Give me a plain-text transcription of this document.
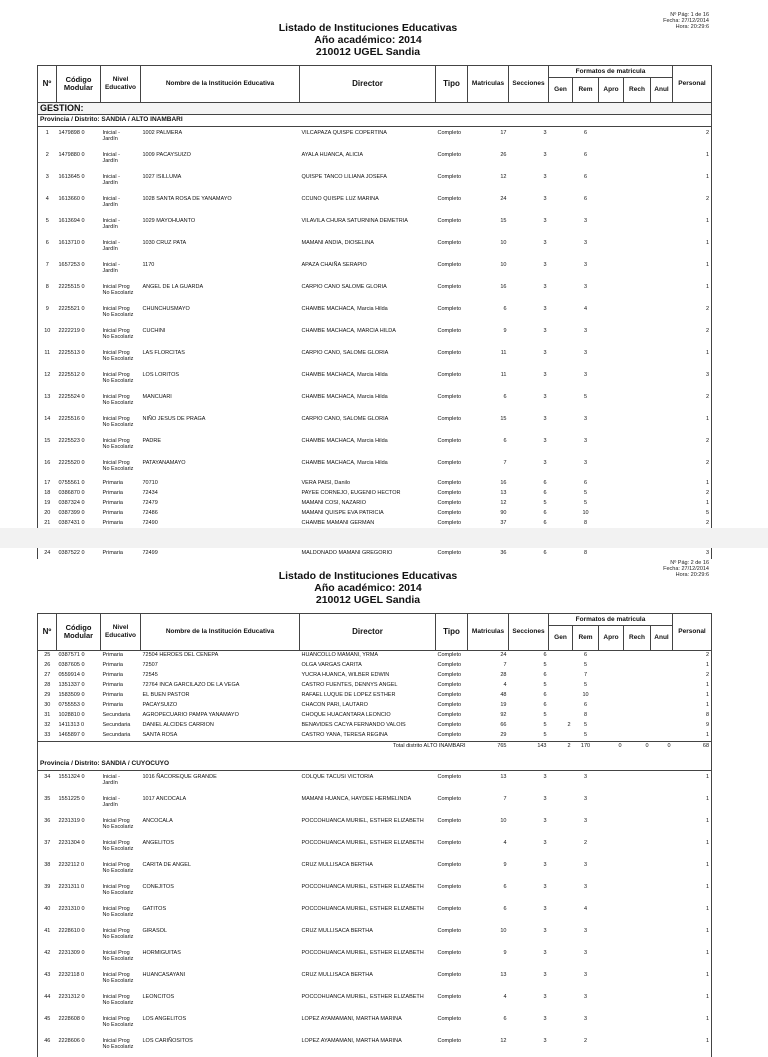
Nº Pág: 1 de 16
Fecha: 27/12/2014
Hora: 20:29:6
Listado de Instituciones Educativas
Año académico: 2014
210012 UGEL Sandia
Nº	Código Modular	Nivel Educativo	Nombre de la Institución Educativa	Director	Tipo	Matriculas	Secciones	Formatos de matricula					Personal
								Gen	Rem	Apro	Rech	Anul	
GESTION:													
Provincia / Distrito: SANDIA / ALTO INAMBARI													
1	1479898 0	Inicial -
Jardín	1002 PALMERA	VILCAPAZA QUISPE COPERTINA	Completo	17	3		6				2
2	1479880 0	Inicial -
Jardín	1009 PACAYSUIZO	AYALA HUANCA, ALICIA	Completo	26	3		6				1
3	1613645 0	Inicial -
Jardín	1027 ISILLUMA	QUISPE TANCO LILIANA JOSEFA	Completo	12	3		6				1
4	1613660 0	Inicial -
Jardín	1028 SANTA ROSA DE YANAMAYO	CCUNO QUISPE LUZ MARINA	Completo	24	3		6				2
5	1613694 0	Inicial -
Jardín	1029 MAYOHUANTO	VILAVILA CHURA SATURNINA DEMETRIA	Completo	15	3		3				1
6	1613710 0	Inicial -
Jardín	1030 CRUZ PATA	MAMANI ANDIA, DIOSELINA	Completo	10	3		3				1
7	1657253 0	Inicial -
Jardín	1170	APAZA CHAIÑA SERAPIO	Completo	10	3		3				1
8	2225515 0	Inicial Prog
No Escolariz	ANGEL DE LA GUARDA	CARPIO CANO SALOME GLORIA	Completo	16	3		3				1
9	2225521 0	Inicial Prog
No Escolariz	CHUNCHUSMAYO	CHAMBE MACHACA, Marcia Hilda	Completo	6	3		4				2
10	2222219 0	Inicial Prog
No Escolariz	CUCHINI	CHAMBE MACHACA, MARCIA HILDA	Completo	9	3		3				2
11	2225513 0	Inicial Prog
No Escolariz	LAS FLORCITAS	CARPIO CANO, SALOME GLORIA	Completo	11	3		3				1
12	2225512 0	Inicial Prog
No Escolariz	LOS LORITOS	CHAMBE MACHACA, Marcia Hilda	Completo	11	3		3				3
13	2225524 0	Inicial Prog
No Escolariz	MANCUARI	CHAMBE MACHACA, Marcia Hilda	Completo	6	3		5				2
14	2225516 0	Inicial Prog
No Escolariz	NIÑO JESUS DE PRAGA	CARPIO CANO, SALOME GLORIA	Completo	15	3		3				1
15	2225523 0	Inicial Prog
No Escolariz	PADRE	CHAMBE MACHACA, Marcia Hilda	Completo	6	3		3				2
16	2225520 0	Inicial Prog
No Escolariz	PATAYANAMAYO	CHAMBE MACHACA, Marcia Hilda	Completo	7	3		3				2
17	0755561 0	Primaria	70710	VERA PAISI, Danilo	Completo	16	6		6				1
18	0386870 0	Primaria	72434	PAYEE CORNEJO, EUGENIO HECTOR	Completo	13	6		5				2
19	0387324 0	Primaria	72479	MAMANI COSI, NAZARIO	Completo	12	5		5				1
20	0387399 0	Primaria	72486	MAMANI QUISPE EVA PATRICIA	Completo	90	6		10				5
21	0387431 0	Primaria	72490	CHAMBE MAMANI GERMAN	Completo	37	6		8				2

24	0387522 0	Primaria	72499	MALDONADO MAMANI GREGORIO	Completo	36	6		8				3
Nº Pág: 2 de 16
Fecha: 27/12/2014
Hora: 20:29:6
Listado de Instituciones Educativas
Año académico: 2014
210012 UGEL Sandia
Nº	Código Modular	Nivel Educativo	Nombre de la Institución Educativa	Director	Tipo	Matriculas	Secciones	Formatos de matricula					Personal
								Gen	Rem	Apro	Rech	Anul	
25	0387571 0	Primaria	72504 HEROES DEL CENEPA	HUANCOLLO MAMANI, YRMA	Completo	24	6		6				2
26	0387605 0	Primaria	72507	OLGA VARGAS CARITA	Completo	7	5		5				1
27	0559914 0	Primaria	72545	YUCRA HUANCA, WILBER EDWIN	Completo	28	6		7				2
28	1351337 0	Primaria	72764 INCA GARCILAZO DE LA VEGA	CASTRO FUENTES, DENNYS ANGEL	Completo	4	5		5				1
29	1583509 0	Primaria	EL BUEN PASTOR	RAFAEL LUQUE DE LOPEZ ESTHER	Completo	48	6		10				1
30	0755553 0	Primaria	PACAYSUIZO	CHACON PARI, LAUTARO	Completo	19	6		6				1
31	1028810 0	Secundaria	AGROPECUARIO PAMPA YANAMAYO	CHOQUE HUACANTARA LEONCIO	Completo	92	5		8				8
32	1411313 0	Secundaria	DANIEL ALCIDES CARRION	BENAVIDES CACYA FERNANDO VALOIS	Completo	66	5	2	5				9
33	1465897 0	Secundaria	SANTA ROSA	CASTRO YANA, TERESA REGINA	Completo	29	5		5				1
				Total distrito ALTO INAMBARI		765	143	2	170	0	0	0	68

Provincia / Distrito: SANDIA / CUYOCUYO													
34	1551324 0	Inicial -
Jardín	1016 ÑACOREQUE GRANDE	COLQUE TACUSI VICTORIA	Completo	13	3		3				1
35	1551225 0	Inicial -
Jardín	1017 ANCOCALA	MAMANI HUANCA, HAYDEE HERMELINDA	Completo	7	3		3				1
36	2231319 0	Inicial Prog
No Escolariz	ANCOCALA	POCCOHUANCA MURIEL, ESTHER ELIZABETH	Completo	10	3		3				1
37	2231304 0	Inicial Prog
No Escolariz	ANGELITOS	POCCOHUANCA MURIEL, ESTHER ELIZABETH	Completo	4	3		2				1
38	2232112 0	Inicial Prog
No Escolariz	CARITA DE ANGEL	CRUZ MULLISACA BERTHA	Completo	9	3		3				1
39	2231311 0	Inicial Prog
No Escolariz	CONEJITOS	POCCOHUANCA MURIEL, ESTHER ELIZABETH	Completo	6	3		3				1
40	2231310 0	Inicial Prog
No Escolariz	GATITOS	POCCOHUANCA MURIEL, ESTHER ELIZABETH	Completo	6	3		4				1
41	2228610 0	Inicial Prog
No Escolariz	GIRASOL	CRUZ MULLISACA BERTHA	Completo	10	3		3				1
42	2231309 0	Inicial Prog
No Escolariz	HORMIGUITAS	POCCOHUANCA MURIEL, ESTHER ELIZABETH	Completo	9	3		3				1
43	2232118 0	Inicial Prog
No Escolariz	HUANCASAYANI	CRUZ MULLISACA BERTHA	Completo	13	3		3				1
44	2231312 0	Inicial Prog
No Escolariz	LEONCITOS	POCCOHUANCA MURIEL, ESTHER ELIZABETH	Completo	4	3		3				1
45	2228608 0	Inicial Prog
No Escolariz	LOS ANGELITOS	LOPEZ AYAMAMANI, MARTHA MARINA	Completo	6	3		3				1
46	2228606 0	Inicial Prog
No Escolariz	LOS CARIÑOSITOS	LOPEZ AYAMAMANI, MARTHA MARINA	Completo	12	3		2				1
